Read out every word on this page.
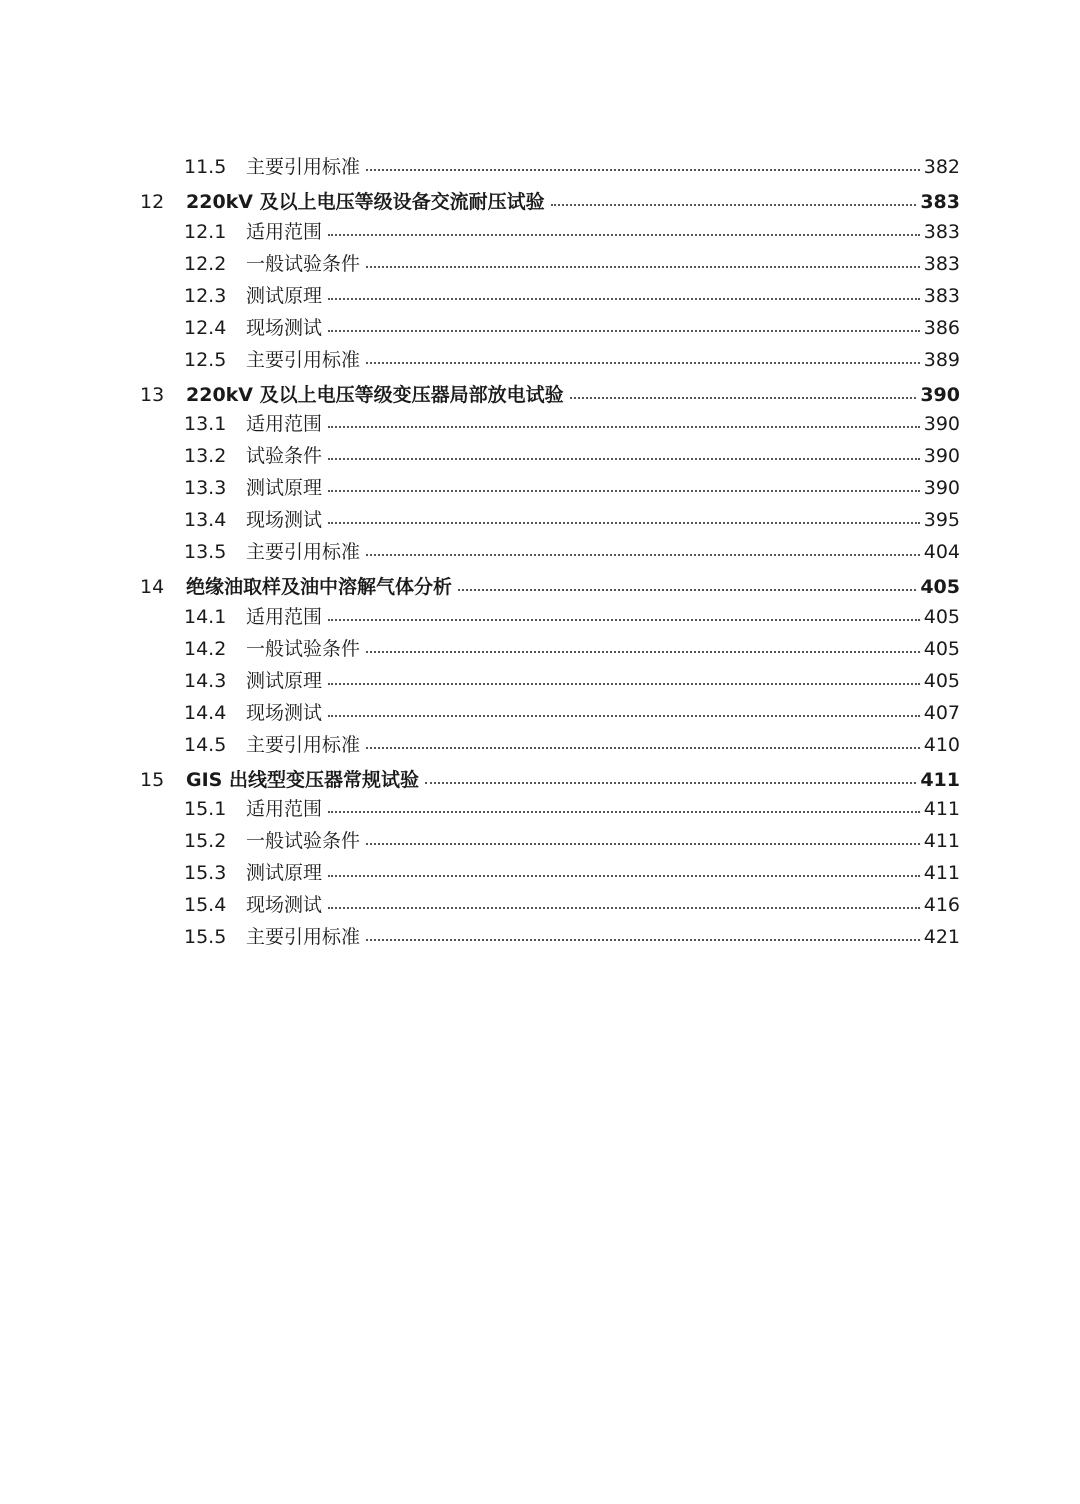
11.5	主要引用标准	382
12	220kV 及以上电压等级设备交流耐压试验	383
12.1	适用范围	383
12.2	一般试验条件	383
12.3	测试原理	383
12.4	现场测试	386
12.5	主要引用标准	389
13	220kV 及以上电压等级变压器局部放电试验	390
13.1	适用范围	390
13.2	试验条件	390
13.3	测试原理	390
13.4	现场测试	395
13.5	主要引用标准	404
14	绝缘油取样及油中溶解气体分析	405
14.1	适用范围	405
14.2	一般试验条件	405
14.3	测试原理	405
14.4	现场测试	407
14.5	主要引用标准	410
15	GIS 出线型变压器常规试验	411
15.1	适用范围	411
15.2	一般试验条件	411
15.3	测试原理	411
15.4	现场测试	416
15.5	主要引用标准	421
